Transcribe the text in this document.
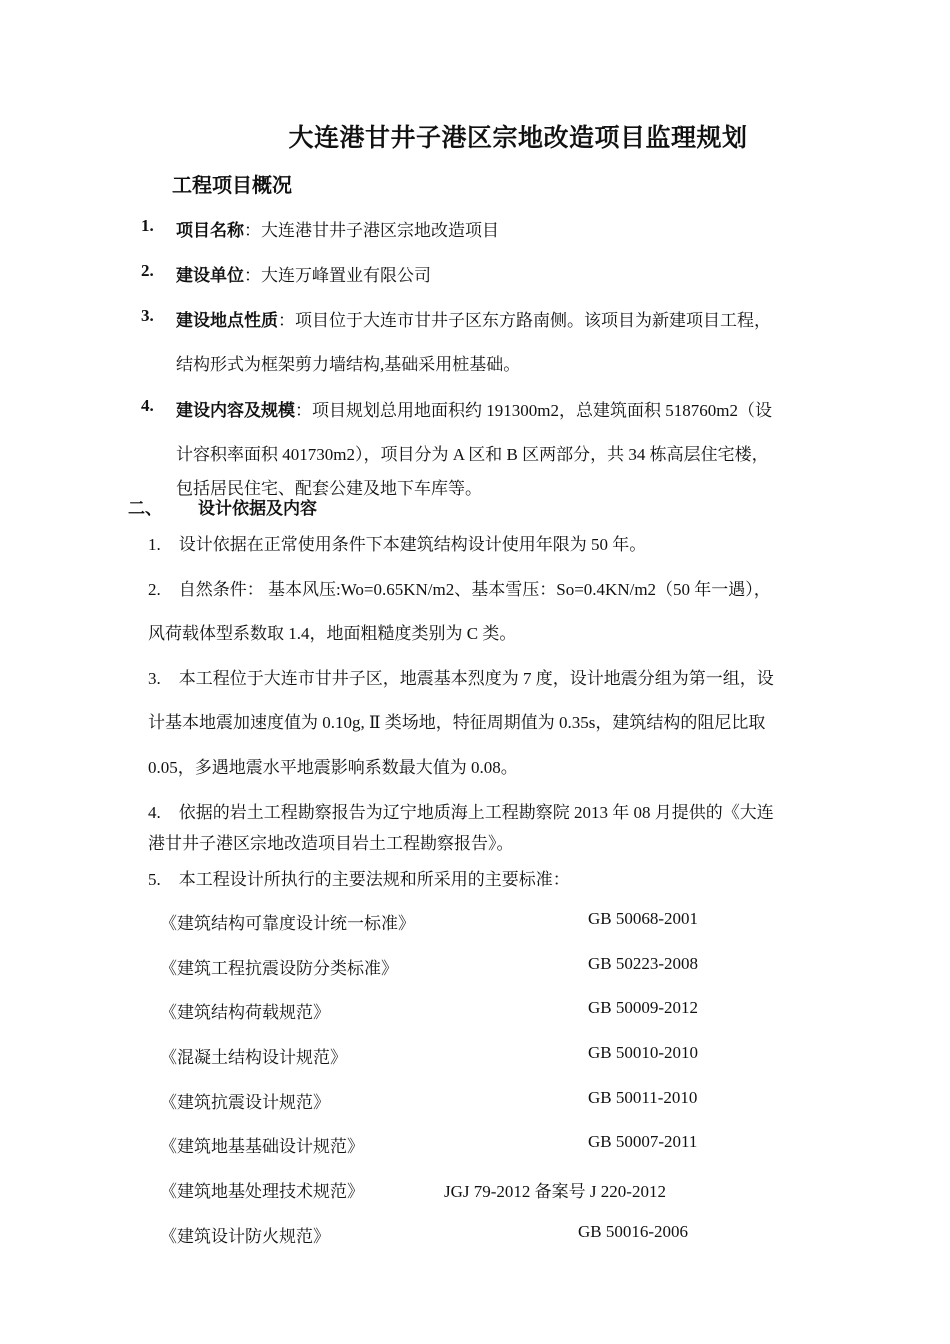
大连港甘井子港区宗地改造项目监理规划
工程项目概况
1. 项目名称：大连港甘井子港区宗地改造项目
2. 建设单位：大连万峰置业有限公司
3. 建设地点性质：项目位于大连市甘井子区东方路南侧。该项目为新建项目工程，
结构形式为框架剪力墙结构,基础采用桩基础。
4. 建设内容及规模：项目规划总用地面积约 191300m2，总建筑面积 518760m2（设
计容积率面积 401730m2），项目分为 A 区和 B 区两部分，共 34 栋高层住宅楼，
包括居民住宅、配套公建及地下车库等。
二、 设计依据及内容
1. 设计依据在正常使用条件下本建筑结构设计使用年限为 50 年。
2. 自然条件： 基本风压:Wo=0.65KN/m2、基本雪压：So=0.4KN/m2（50 年一遇），
风荷载体型系数取 1.4，地面粗糙度类别为 C 类。
3. 本工程位于大连市甘井子区，地震基本烈度为 7 度，设计地震分组为第一组，设
计基本地震加速度值为 0.10g, Ⅱ 类场地，特征周期值为 0.35s，建筑结构的阻尼比取
0.05，多遇地震水平地震影响系数最大值为 0.08。
4. 依据的岩土工程勘察报告为辽宁地质海上工程勘察院 2013 年 08 月提供的《大连
港甘井子港区宗地改造项目岩土工程勘察报告》。
5. 本工程设计所执行的主要法规和所采用的主要标准：
《建筑结构可靠度设计统一标准》	GB 50068-2001
《建筑工程抗震设防分类标准》	GB 50223-2008
《建筑结构荷载规范》	GB 50009-2012
《混凝土结构设计规范》	GB 50010-2010
《建筑抗震设计规范》	GB 50011-2010
《建筑地基基础设计规范》	GB 50007-2011
《建筑地基处理技术规范》	JGJ 79-2012 备案号 J 220-2012
《建筑设计防火规范》	GB 50016-2006
